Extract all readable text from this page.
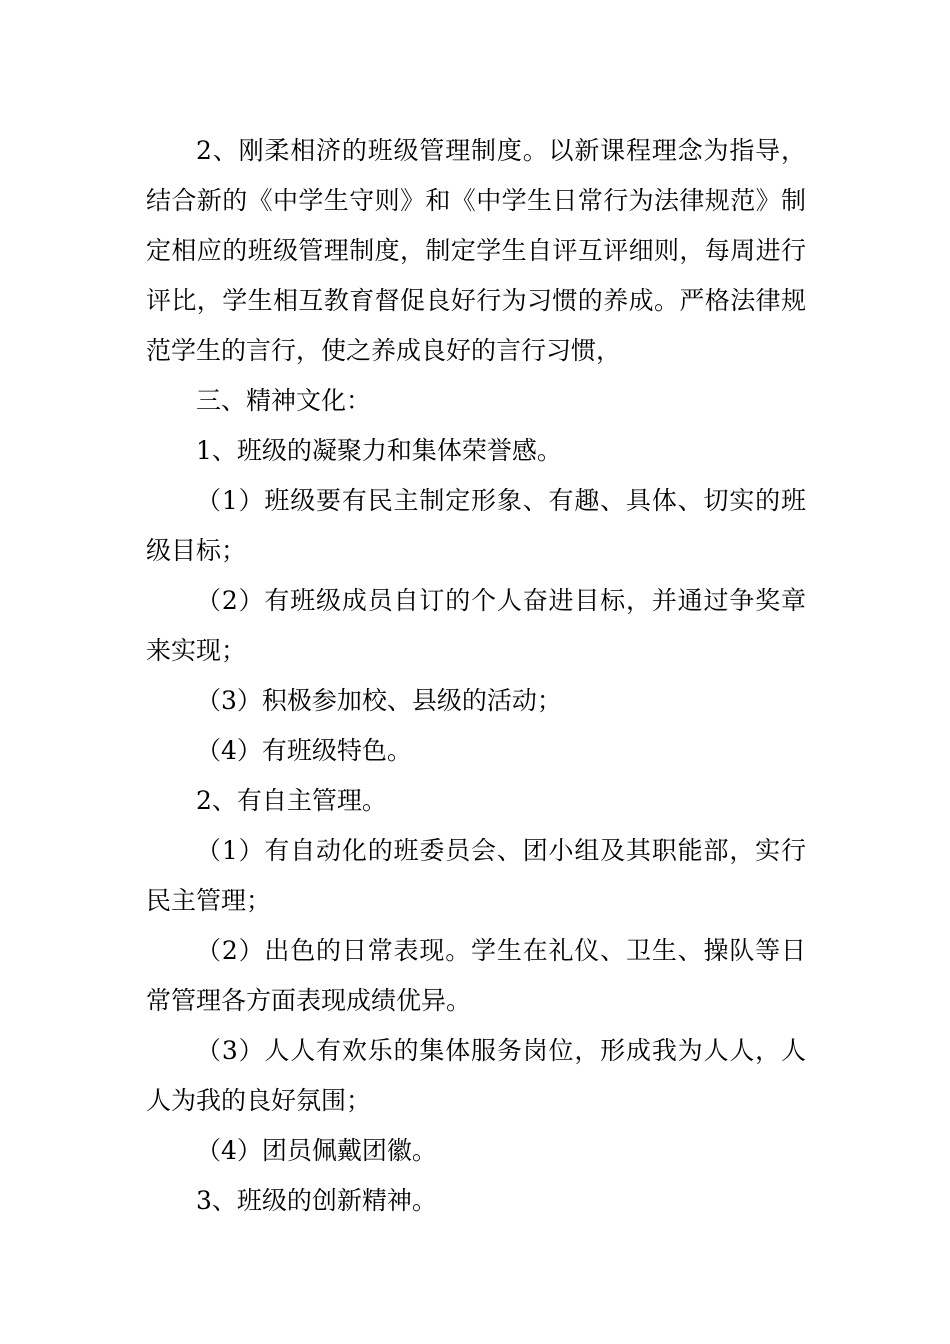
2、刚柔相济的班级管理制度。以新课程理念为指导，结合新的《中学生守则》和《中学生日常行为法律规范》制定相应的班级管理制度，制定学生自评互评细则，每周进行评比，学生相互教育督促良好行为习惯的养成。严格法律规范学生的言行，使之养成良好的言行习惯，

三、精神文化：

1、班级的凝聚力和集体荣誉感。

（1）班级要有民主制定形象、有趣、具体、切实的班级目标；

（2）有班级成员自订的个人奋进目标，并通过争奖章来实现；

（3）积极参加校、县级的活动；

（4）有班级特色。

2、有自主管理。

（1）有自动化的班委员会、团小组及其职能部，实行民主管理；

（2）出色的日常表现。学生在礼仪、卫生、操队等日常管理各方面表现成绩优异。

（3）人人有欢乐的集体服务岗位，形成我为人人，人人为我的良好氛围；

（4）团员佩戴团徽。

3、班级的创新精神。
